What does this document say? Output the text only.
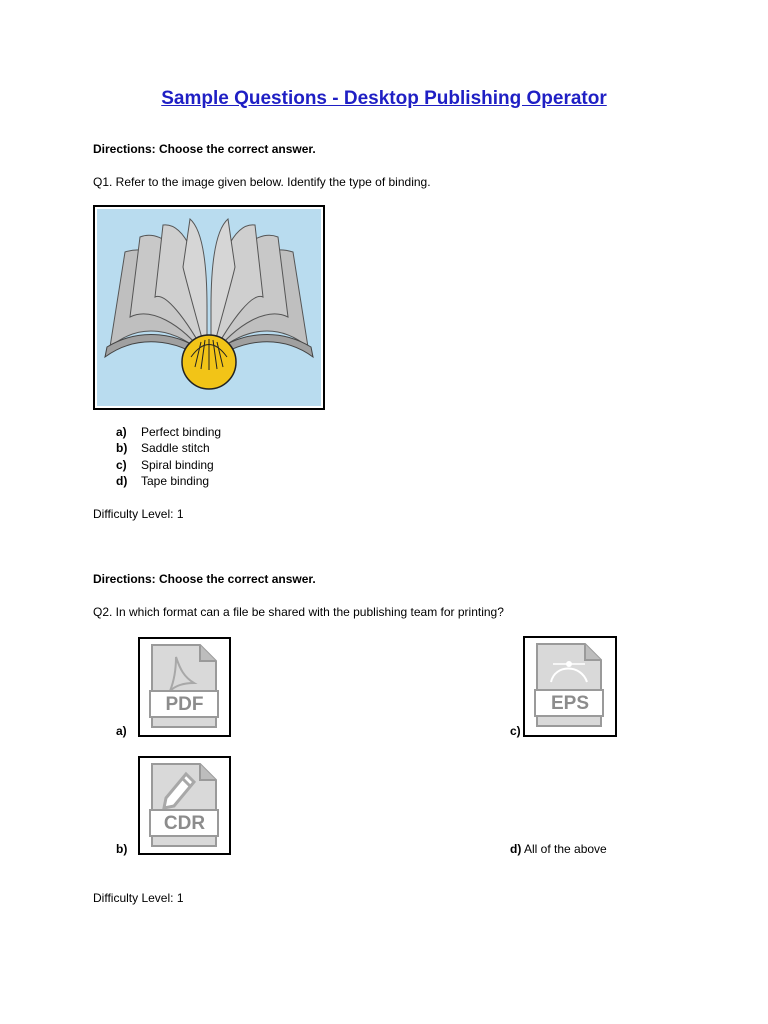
Sample Questions - Desktop Publishing Operator
Directions: Choose the correct answer.
Q1. Refer to the image given below. Identify the type of binding.
a) Perfect binding
b) Saddle stitch
c) Spiral binding
d) Tape binding
Difficulty Level: 1
Directions: Choose the correct answer.
Q2. In which format can a file be shared with the publishing team for printing?
a)
PDF
b)
CDR
c)
EPS
d) All of the above
Difficulty Level: 1
